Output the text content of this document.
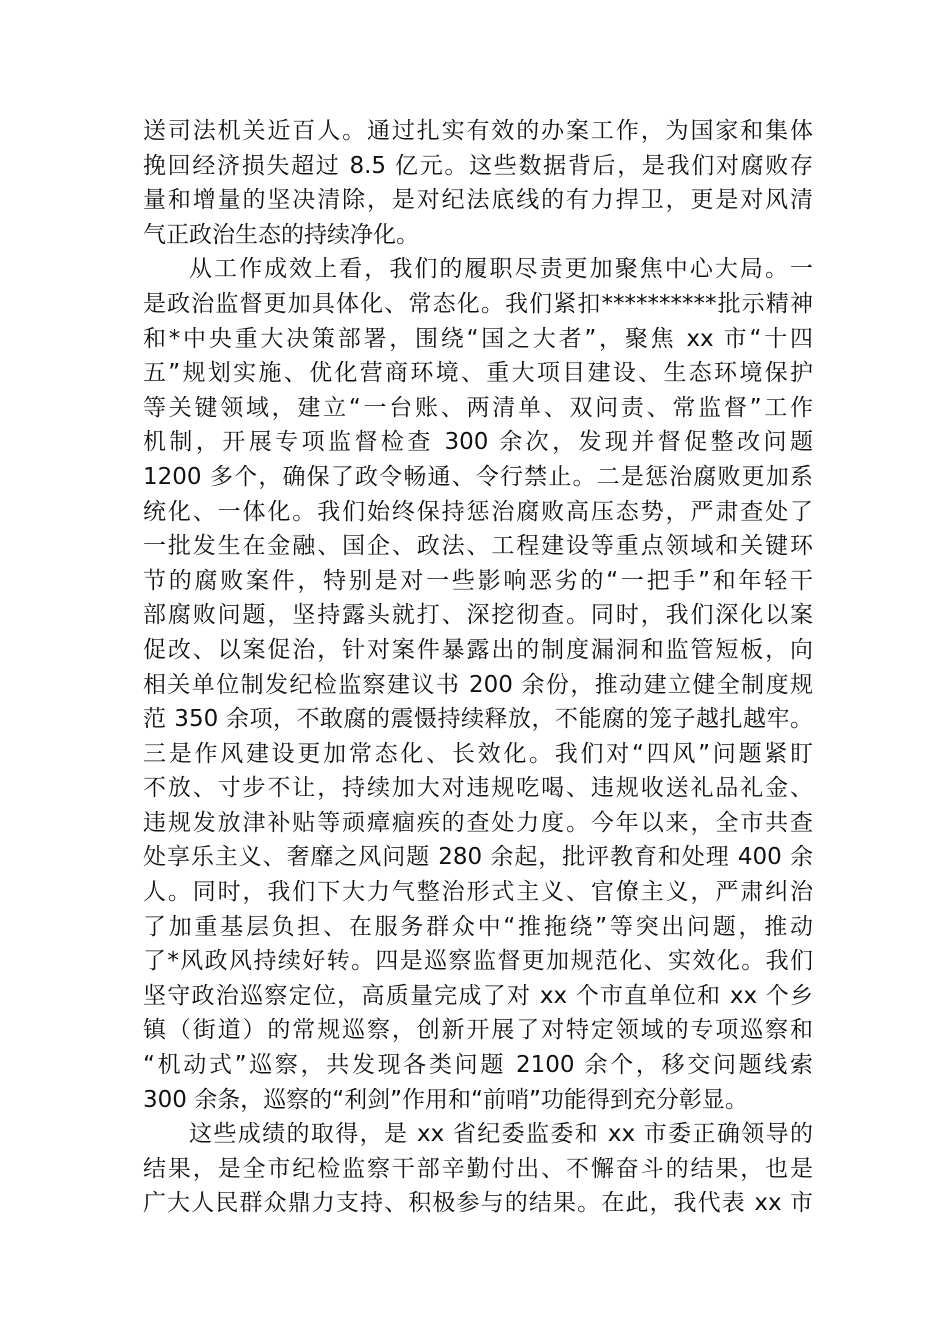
送司法机关近百人。通过扎实有效的办案工作，为国家和集体
挽回经济损失超过 8.5 亿元。这些数据背后，是我们对腐败存
量和增量的坚决清除，是对纪法底线的有力捍卫，更是对风清
气正政治生态的持续净化。
从工作成效上看，我们的履职尽责更加聚焦中心大局。一
是政治监督更加具体化、常态化。我们紧扣**********批示精神
和*中央重大决策部署，围绕“国之大者”，聚焦 xx 市“十四
五”规划实施、优化营商环境、重大项目建设、生态环境保护
等关键领域，建立“一台账、两清单、双问责、常监督”工作
机制，开展专项监督检查 300 余次，发现并督促整改问题
1200 多个，确保了政令畅通、令行禁止。二是惩治腐败更加系
统化、一体化。我们始终保持惩治腐败高压态势，严肃查处了
一批发生在金融、国企、政法、工程建设等重点领域和关键环
节的腐败案件，特别是对一些影响恶劣的“一把手”和年轻干
部腐败问题，坚持露头就打、深挖彻查。同时，我们深化以案
促改、以案促治，针对案件暴露出的制度漏洞和监管短板，向
相关单位制发纪检监察建议书 200 余份，推动建立健全制度规
范 350 余项，不敢腐的震慑持续释放，不能腐的笼子越扎越牢。
三是作风建设更加常态化、长效化。我们对“四风”问题紧盯
不放、寸步不让，持续加大对违规吃喝、违规收送礼品礼金、
违规发放津补贴等顽瘴痼疾的查处力度。今年以来，全市共查
处享乐主义、奢靡之风问题 280 余起，批评教育和处理 400 余
人。同时，我们下大力气整治形式主义、官僚主义，严肃纠治
了加重基层负担、在服务群众中“推拖绕”等突出问题，推动
了*风政风持续好转。四是巡察监督更加规范化、实效化。我们
坚守政治巡察定位，高质量完成了对 xx 个市直单位和 xx 个乡
镇（街道）的常规巡察，创新开展了对特定领域的专项巡察和
“机动式”巡察，共发现各类问题 2100 余个，移交问题线索
300 余条，巡察的“利剑”作用和“前哨”功能得到充分彰显。
这些成绩的取得，是 xx 省纪委监委和 xx 市委正确领导的
结果，是全市纪检监察干部辛勤付出、不懈奋斗的结果，也是
广大人民群众鼎力支持、积极参与的结果。在此，我代表 xx 市
